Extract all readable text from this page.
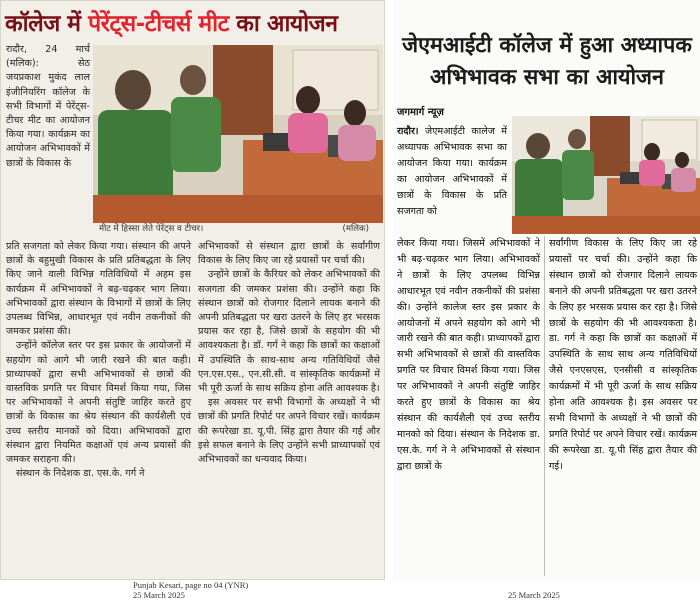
कॉलेज में पेरेंट्स-टीचर्स मीट का आयोजन

रादौर, 24 मार्च (मलिक): सेठ जयप्रकाश मुकंद लाल इंजीनियरिंग कॉलेज के सभी विभागों में पेरेंट्स-टीचर मीट का आयोजन किया गया। कार्यक्रम का आयोजन अभिभावकों में छात्रों के विकास के

मीट में हिस्सा लेते पेरेंट्स व टीचर।	(मलिक)

प्रति सजगता को लेकर किया गया। संस्थान की अपने छात्रों के बहुमुखी विकास के प्रति प्रतिबद्धता के लिए किए जाने वाली विभिन्न गतिविधियों में अहम इस कार्यक्रम में अभिभावकों ने बढ़-चढ़कर भाग लिया। अभिभावकों द्वारा संस्थान के विभागों में छात्रों के लिए उपलब्ध विभिन्न, आधारभूत एवं नवीन तकनीकों की जमकर प्रशंसा की।

उन्होंने कॉलेज स्तर पर इस प्रकार के आयोजनों में सहयोग को आगे भी जारी रखने की बात कही। प्राध्यापकों द्वारा सभी अभिभावकों से छात्रों की वास्तविक प्रगति पर विचार विमर्श किया गया, जिस पर अभिभावकों ने अपनी संतुष्टि जाहिर करते हुए छात्रों के विकास का श्रेय संस्थान की कार्यशैली एवं उच्च स्तरीय मानकों को दिया। अभिभावकों द्वारा संस्थान द्वारा नियमित कक्षाओं एवं अन्य प्रयासों की जमकर सराहना की।

संस्थान के निदेशक डा. एस.के. गर्ग ने

अभिभावकों से संस्थान द्वारा छात्रों के सर्वांगीण विकास के लिए किए जा रहे प्रयासों पर चर्चा की।

उन्होंने छात्रों के कैरियर को लेकर अभिभावकों की सजगता की जमकर प्रशंसा की। उन्होंने कहा कि संस्थान छात्रों को रोजगार दिलाने लायक बनाने की अपनी प्रतिबद्धता पर खरा उतरने के लिए हर भरसक प्रयास कर रहा है, जिसे छात्रों के सहयोग की भी आवश्यकता है। डॉ. गर्ग ने कहा कि छात्रों का कक्षाओं में उपस्थिति के साथ-साथ अन्य गतिविधियों जैसे एन.एस.एस., एन.सी.सी. व सांस्कृतिक कार्यक्रमों में भी पूरी ऊर्जा के साथ सक्रिय होना अति आवश्यक है।

इस अवसर पर सभी विभागों के अध्यक्षों ने भी छात्रों की प्रगति रिपोर्ट पर अपने विचार रखें। कार्यक्रम की रूपरेखा डा. यू.पी. सिंह द्वारा तैयार की गई और इसे सफल बनाने के लिए उन्होंने सभी प्राध्यापकों एवं अभिभावकों का धन्यवाद किया।

Punjab Kesari, page no 04 (YNR)
25 March 2025
जेएमआईटी कॉलेज में हुआ अध्यापक अभिभावक सभा का आयोजन
जगमार्ग न्यूज़
रादौर। जेएमआईटी कालेज में अध्यापक अभिभावक सभा का आयोजन किया गया। कार्यक्रम का आयोजन अभिभावकों में छात्रों के विकास के प्रति सजगता को
लेकर किया गया। जिसमें अभिभावकों ने भी बढ़-चढ़कर भाग लिया। अभिभावकों ने छात्रों के लिए उपलब्ध विभिन्न आधारभूत एवं नवीन तकनीकों की प्रशंसा की। उन्होंने कालेज स्तर इस प्रकार के आयोजनों में अपने सहयोग को आगे भी जारी रखने की बात कही। प्राध्यापकों द्वारा सभी अभिभावकों से छात्रों की वास्तविक प्रगति पर विचार विमर्श किया गया। जिस पर अभिभावकों ने अपनी संतुष्टि जाहिर करते हुए छात्रों के विकास का श्रेय संस्थान की कार्यशैली एवं उच्च स्तरीय मानको को दिया। संस्थान के निदेशक डा. एस.के. गर्ग ने ने अभिभावकों से संस्थान द्वारा छात्रों के
सर्वांगीण विकास के लिए किए जा रहे प्रयासों पर चर्चा की। उन्होंने कहा कि संस्थान छात्रों को रोजगार दिलाने लायक बनाने की अपनी प्रतिबद्धता पर खरा उतरने के लिए हर भरसक प्रयास कर रहा है। जिसे छात्रों के सहयोग की भी आवश्यकता है। डा. गर्ग ने कहा कि छात्रों का कक्षाओं में उपस्थिति के साथ साथ अन्य गतिविधियों जैसे एनएसएस, एनसीसी व सांस्कृतिक कार्यक्रमों में भी पूरी ऊर्जा के साथ सक्रिय होना अति आवश्यक है। इस अवसर पर सभी विभागों के अध्यक्षों ने भी छात्रों की प्रगति रिपोर्ट पर अपने विचार रखें। कार्यक्रम की रूपरेखा डा. यू.पी सिंह द्वारा तैयार की गई।
25 March 2025
